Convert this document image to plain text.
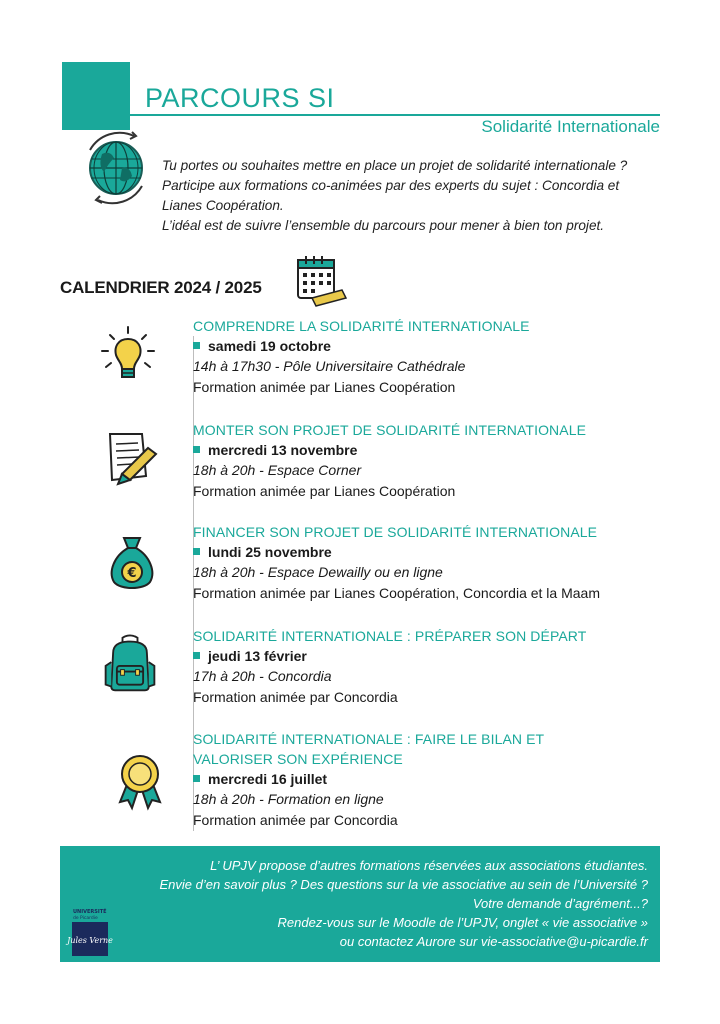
PARCOURS SI
Solidarité Internationale

Tu portes ou souhaites mettre en place un projet de solidarité internationale ?

Participe aux formations co-animées par des experts du sujet : Concordia et

Lianes Coopération.

L’idéal est de suivre l’ensemble du parcours pour mener à bien ton projet.

CALENDRIER 2024 / 2025
COMPRENDRE LA SOLIDARITÉ INTERNATIONALE
samedi 19 octobre
14h à 17h30 - Pôle Universitaire Cathédrale
Formation animée par Lianes Coopération
MONTER SON PROJET DE SOLIDARITÉ INTERNATIONALE
mercredi 13 novembre
18h à 20h - Espace Corner
Formation animée par Lianes Coopération
€
FINANCER SON PROJET DE SOLIDARITÉ INTERNATIONALE
lundi 25 novembre
18h à 20h - Espace Dewailly ou en ligne
Formation animée par Lianes Coopération, Concordia et la Maam
SOLIDARITÉ INTERNATIONALE : PRÉPARER SON DÉPART
jeudi 13 février
17h à 20h - Concordia
Formation animée par Concordia
SOLIDARITÉ INTERNATIONALE : FAIRE LE BILAN ET
VALORISER SON EXPÉRIENCE
mercredi 16 juillet
18h à 20h - Formation en ligne
Formation animée par Concordia
UNIVERSITÉ
de Picardie
Jules Verne
L’ UPJV propose d’autres formations réservées aux associations étudiantes.
Envie d’en savoir plus ? Des questions sur la vie associative au sein de l’Université ?
Votre demande d’agrément...?
Rendez-vous sur le Moodle de l’UPJV, onglet « vie associative »
ou contactez Aurore sur vie-associative@u-picardie.fr
